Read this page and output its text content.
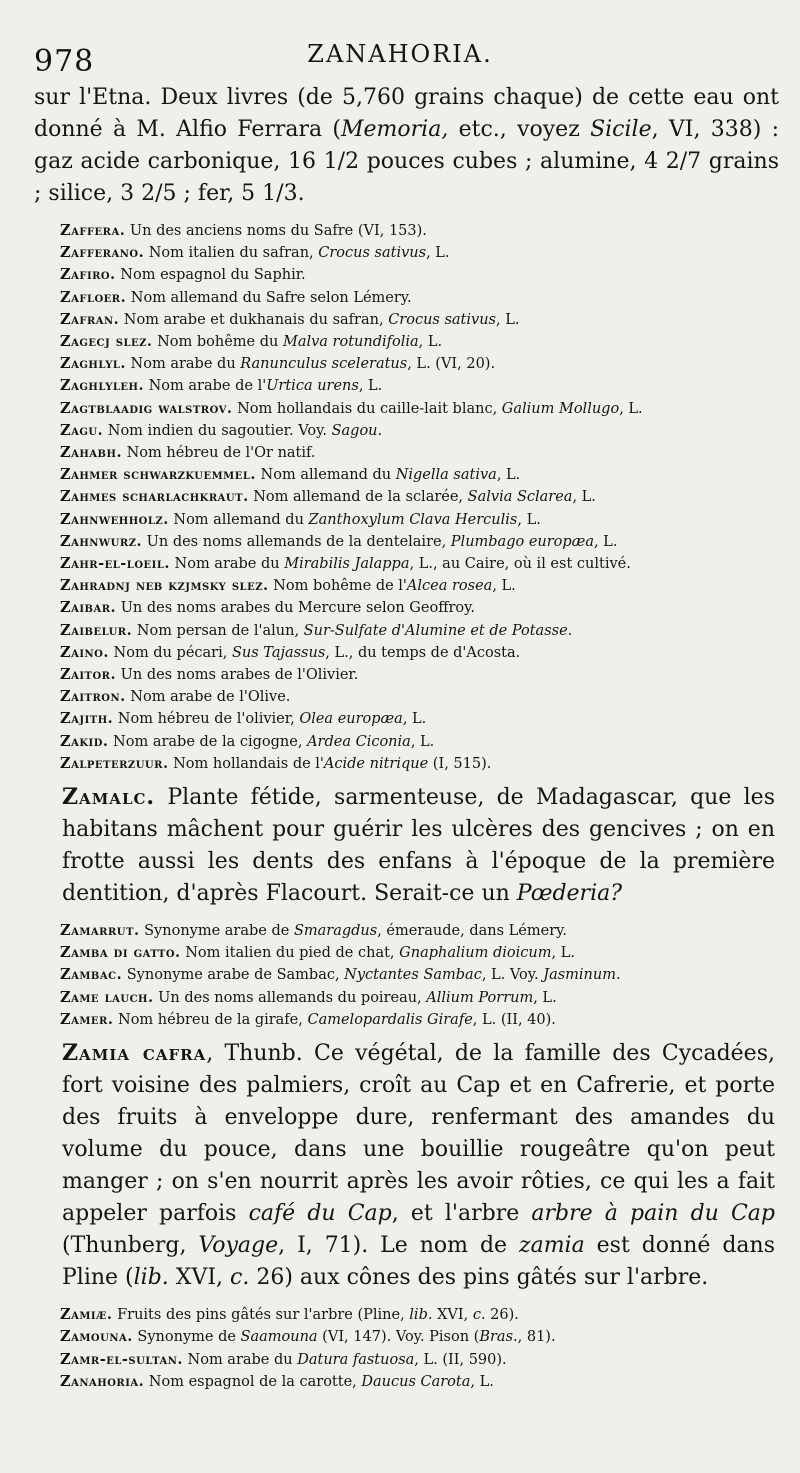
978	ZANAHORIA.

sur l'Etna. Deux livres (de 5,760 grains chaque) de cette eau ont donné à M. Alfio Ferrara (Memoria, etc., voyez Sicile, VI, 338) : gaz acide carbonique, 16 1/2 pouces cubes ; alumine, 4 2/7 grains ; silice, 3 2/5 ; fer, 5 1/3.

Zaffera. Un des anciens noms du Safre (VI, 153).

Zafferano. Nom italien du safran, Crocus sativus, L.

Zafiro. Nom espagnol du Saphir.

Zafloer. Nom allemand du Safre selon Lémery.

Zafran. Nom arabe et dukhanais du safran, Crocus sativus, L.

Zagecj slez. Nom bohême du Malva rotundifolia, L.

Zaghlyl. Nom arabe du Ranunculus sceleratus, L. (VI, 20).

Zaghlyleh. Nom arabe de l'Urtica urens, L.

Zagtblaadig walstrov. Nom hollandais du caille-lait blanc, Galium Mollugo, L.

Zagu. Nom indien du sagoutier. Voy. Sagou.

Zahabh. Nom hébreu de l'Or natif.

Zahmer schwarzkuemmel. Nom allemand du Nigella sativa, L.

Zahmes scharlachkraut. Nom allemand de la sclarée, Salvia Sclarea, L.

Zahnwehholz. Nom allemand du Zanthoxylum Clava Herculis, L.

Zahnwurz. Un des noms allemands de la dentelaire, Plumbago europæa, L.

Zahr-el-loeil. Nom arabe du Mirabilis Jalappa, L., au Caire, où il est cultivé.

Zahradnj neb kzjmsky slez. Nom bohême de l'Alcea rosea, L.

Zaibar. Un des noms arabes du Mercure selon Geoffroy.

Zaibelur. Nom persan de l'alun, Sur-Sulfate d'Alumine et de Potasse.

Zaino. Nom du pécari, Sus Tajassus, L., du temps de d'Acosta.

Zaitor. Un des noms arabes de l'Olivier.

Zaitron. Nom arabe de l'Olive.

Zajith. Nom hébreu de l'olivier, Olea europæa, L.

Zakid. Nom arabe de la cigogne, Ardea Ciconia, L.

Zalpeterzuur. Nom hollandais de l'Acide nitrique (I, 515).

Zamalc. Plante fétide, sarmenteuse, de Madagascar, que les habitans mâchent pour guérir les ulcères des gencives ; on en frotte aussi les dents des enfans à l'époque de la première dentition, d'après Flacourt. Serait-ce un Pœderia?

Zamarrut. Synonyme arabe de Smaragdus, émeraude, dans Lémery.

Zamba di gatto. Nom italien du pied de chat, Gnaphalium dioicum, L.

Zambac. Synonyme arabe de Sambac, Nyctantes Sambac, L. Voy. Jasminum.

Zame lauch. Un des noms allemands du poireau, Allium Porrum, L.

Zamer. Nom hébreu de la girafe, Camelopardalis Girafe, L. (II, 40).

Zamia cafra, Thunb. Ce végétal, de la famille des Cycadées, fort voisine des palmiers, croît au Cap et en Cafrerie, et porte des fruits à enveloppe dure, renfermant des amandes du volume du pouce, dans une bouillie rougeâtre qu'on peut manger ; on s'en nourrit après les avoir rôties, ce qui les a fait appeler parfois café du Cap, et l'arbre arbre à pain du Cap (Thunberg, Voyage, I, 71). Le nom de zamia est donné dans Pline (lib. XVI, c. 26) aux cônes des pins gâtés sur l'arbre.

Zamiæ. Fruits des pins gâtés sur l'arbre (Pline, lib. XVI, c. 26).

Zamouna. Synonyme de Saamouna (VI, 147). Voy. Pison (Bras., 81).

Zamr-el-sultan. Nom arabe du Datura fastuosa, L. (II, 590).

Zanahoria. Nom espagnol de la carotte, Daucus Carota, L.
